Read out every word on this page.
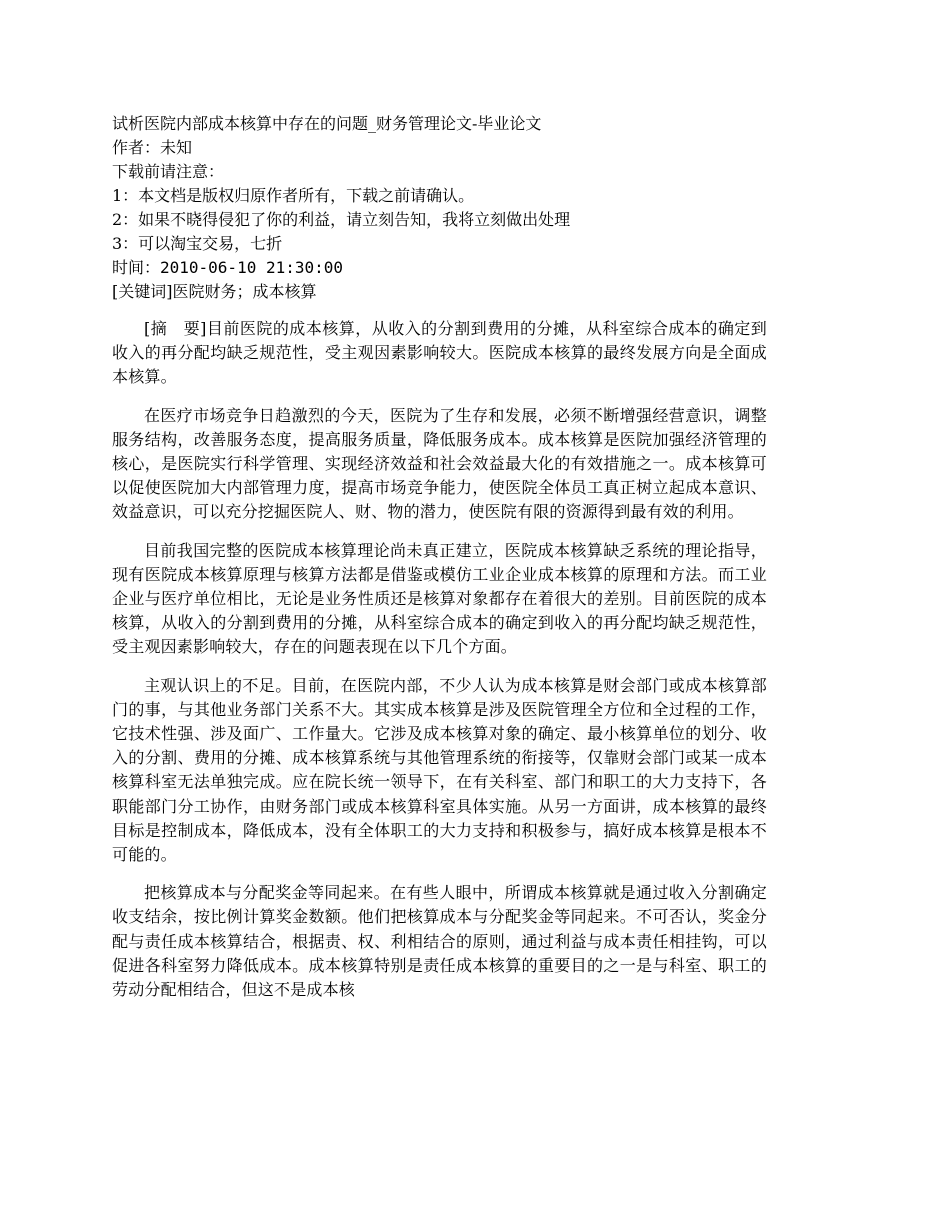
试析医院内部成本核算中存在的问题_财务管理论文-毕业论文
作者：未知
下载前请注意：
1：本文档是版权归原作者所有，下载之前请确认。
2：如果不晓得侵犯了你的利益，请立刻告知，我将立刻做出处理
3：可以淘宝交易，七折
时间：2010-06-10 21:30:00
[关键词]医院财务；成本核算

[摘　要]目前医院的成本核算，从收入的分割到费用的分摊，从科室综合成本的确定到收入的再分配均缺乏规范性，受主观因素影响较大。医院成本核算的最终发展方向是全面成本核算。

在医疗市场竞争日趋激烈的今天，医院为了生存和发展，必须不断增强经营意识，调整服务结构，改善服务态度，提高服务质量，降低服务成本。成本核算是医院加强经济管理的核心，是医院实行科学管理、实现经济效益和社会效益最大化的有效措施之一。成本核算可以促使医院加大内部管理力度，提高市场竞争能力，使医院全体员工真正树立起成本意识、效益意识，可以充分挖掘医院人、财、物的潜力，使医院有限的资源得到最有效的利用。

目前我国完整的医院成本核算理论尚未真正建立，医院成本核算缺乏系统的理论指导，现有医院成本核算原理与核算方法都是借鉴或模仿工业企业成本核算的原理和方法。而工业企业与医疗单位相比，无论是业务性质还是核算对象都存在着很大的差别。目前医院的成本核算，从收入的分割到费用的分摊，从科室综合成本的确定到收入的再分配均缺乏规范性，受主观因素影响较大，存在的问题表现在以下几个方面。

主观认识上的不足。目前，在医院内部，不少人认为成本核算是财会部门或成本核算部门的事，与其他业务部门关系不大。其实成本核算是涉及医院管理全方位和全过程的工作，它技术性强、涉及面广、工作量大。它涉及成本核算对象的确定、最小核算单位的划分、收入的分割、费用的分摊、成本核算系统与其他管理系统的衔接等，仅靠财会部门或某一成本核算科室无法单独完成。应在院长统一领导下，在有关科室、部门和职工的大力支持下，各职能部门分工协作，由财务部门或成本核算科室具体实施。从另一方面讲，成本核算的最终目标是控制成本，降低成本，没有全体职工的大力支持和积极参与，搞好成本核算是根本不可能的。

把核算成本与分配奖金等同起来。在有些人眼中，所谓成本核算就是通过收入分割确定收支结余，按比例计算奖金数额。他们把核算成本与分配奖金等同起来。不可否认，奖金分配与责任成本核算结合，根据责、权、利相结合的原则，通过利益与成本责任相挂钩，可以促进各科室努力降低成本。成本核算特别是责任成本核算的重要目的之一是与科室、职工的劳动分配相结合，但这不是成本核
